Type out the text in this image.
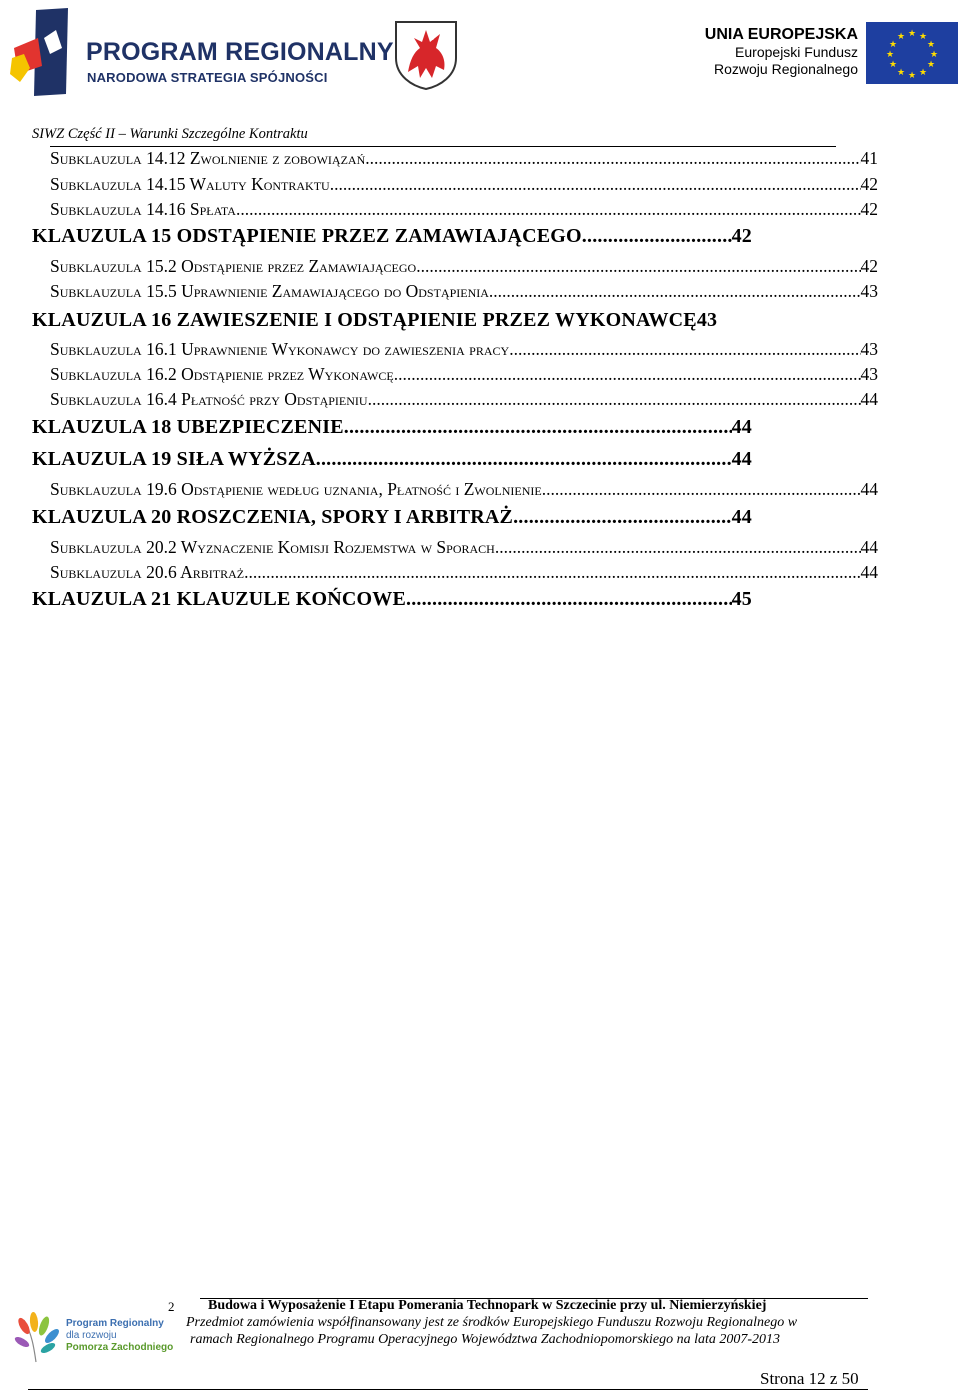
PROGRAM REGIONALNY
NARODOWA STRATEGIA SPÓJNOŚCI
UNIA EUROPEJSKA
Europejski Fundusz
Rozwoju Regionalnego
★ ★
★
★
★
★
★
★
★
★
★
★
SIWZ Część II – Warunki Szczególne Kontraktu
Subklauzula 14.12 Zwolnienie z zobowiązań .....	41
Subklauzula 14.15 Waluty Kontraktu .....	42
Subklauzula 14.16 Spłata .....	42
KLAUZULA 15 ODSTĄPIENIE PRZEZ ZAMAWIAJĄCEGO .....	42
Subklauzula 15.2 Odstąpienie przez Zamawiającego .....	42
Subklauzula 15.5 Uprawnienie Zamawiającego do Odstąpienia .....	43
KLAUZULA 16 ZAWIESZENIE I ODSTĄPIENIE PRZEZ WYKONAWCĘ 43
Subklauzula 16.1 Uprawnienie Wykonawcy do zawieszenia pracy .....	43
Subklauzula 16.2 Odstąpienie przez Wykonawcę .....	43
Subklauzula 16.4 Płatność przy Odstąpieniu .....	44
KLAUZULA 18 UBEZPIECZENIE .....	44
KLAUZULA 19 SIŁA WYŻSZA .....	44
Subklauzula 19.6 Odstąpienie według uznania, Płatność i Zwolnienie .....	44
KLAUZULA 20 ROSZCZENIA, SPORY I ARBITRAŻ .....	44
Subklauzula 20.2 Wyznaczenie Komisji Rozjemstwa w Sporach .....	44
Subklauzula 20.6 Arbitraż .....	44
KLAUZULA 21 KLAUZULE KOŃCOWE .....	45
2 Budowa i Wyposażenie I Etapu Pomerania Technopark w Szczecinie przy ul. Niemierzyńskiej
Przedmiot zamówienia współfinansowany jest ze środków Europejskiego Funduszu Rozwoju Regionalnego w
ramach Regionalnego Programu Operacyjnego Województwa Zachodniopomorskiego na lata 2007-2013
Program Regionalny
dla rozwoju
Pomorza Zachodniego
Strona 12 z 50
